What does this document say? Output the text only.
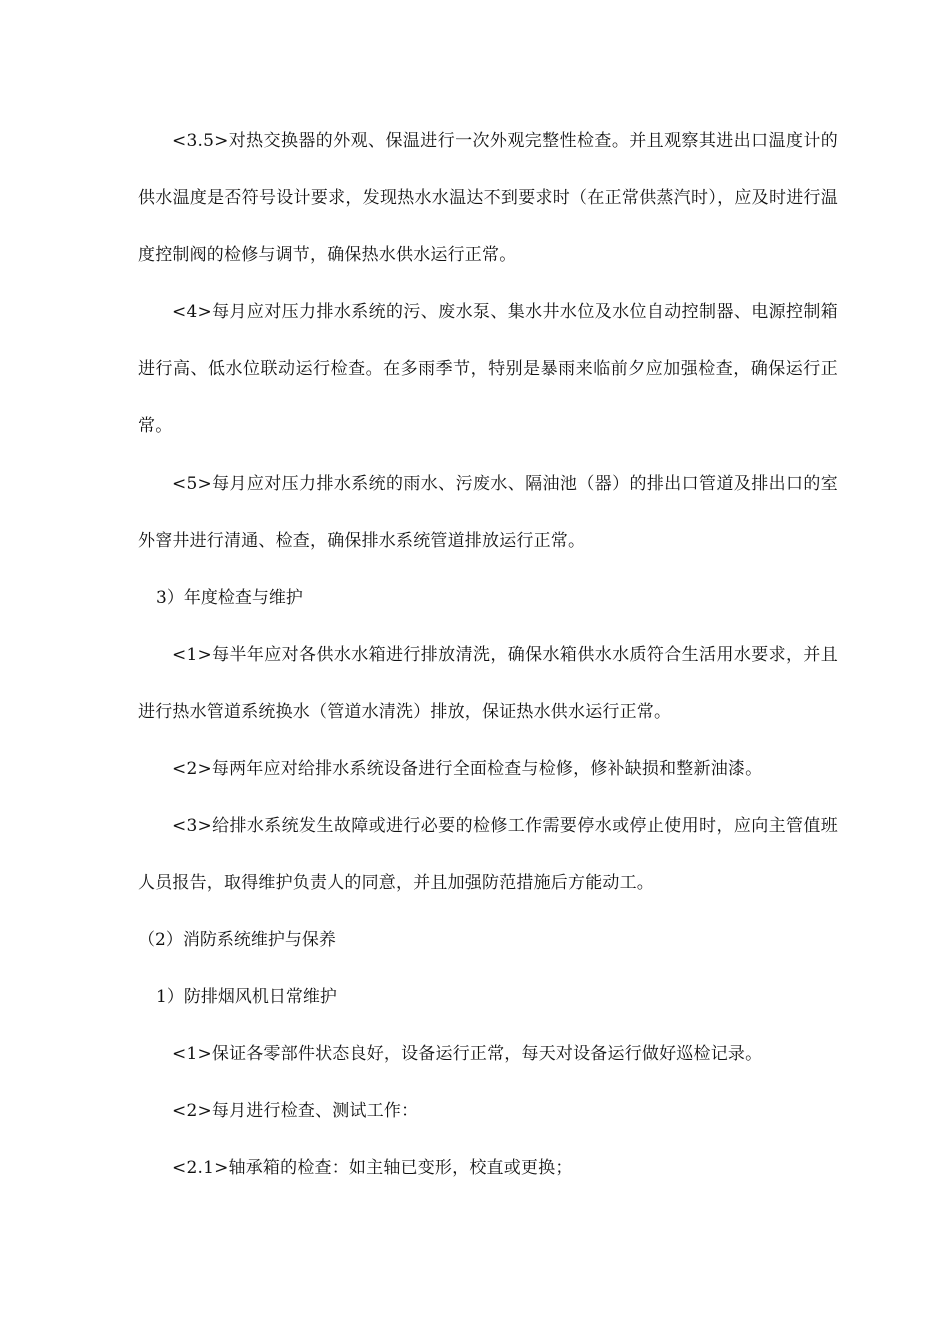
<3.5>对热交换器的外观、保温进行一次外观完整性检查。并且观察其进出口温度计的供水温度是否符号设计要求，发现热水水温达不到要求时（在正常供蒸汽时），应及时进行温度控制阀的检修与调节，确保热水供水运行正常。

<4>每月应对压力排水系统的污、废水泵、集水井水位及水位自动控制器、电源控制箱进行高、低水位联动运行检查。在多雨季节，特别是暴雨来临前夕应加强检查，确保运行正常。

<5>每月应对压力排水系统的雨水、污废水、隔油池（器）的排出口管道及排出口的室外窨井进行清通、检查，确保排水系统管道排放运行正常。

3）年度检查与维护

<1>每半年应对各供水水箱进行排放清洗，确保水箱供水水质符合生活用水要求，并且进行热水管道系统换水（管道水清洗）排放，保证热水供水运行正常。

<2>每两年应对给排水系统设备进行全面检查与检修，修补缺损和整新油漆。

<3>给排水系统发生故障或进行必要的检修工作需要停水或停止使用时，应向主管值班人员报告，取得维护负责人的同意，并且加强防范措施后方能动工。

（2）消防系统维护与保养

1）防排烟风机日常维护

<1>保证各零部件状态良好，设备运行正常，每天对设备运行做好巡检记录。

<2>每月进行检查、测试工作：

<2.1>轴承箱的检查：如主轴已变形，校直或更换；
